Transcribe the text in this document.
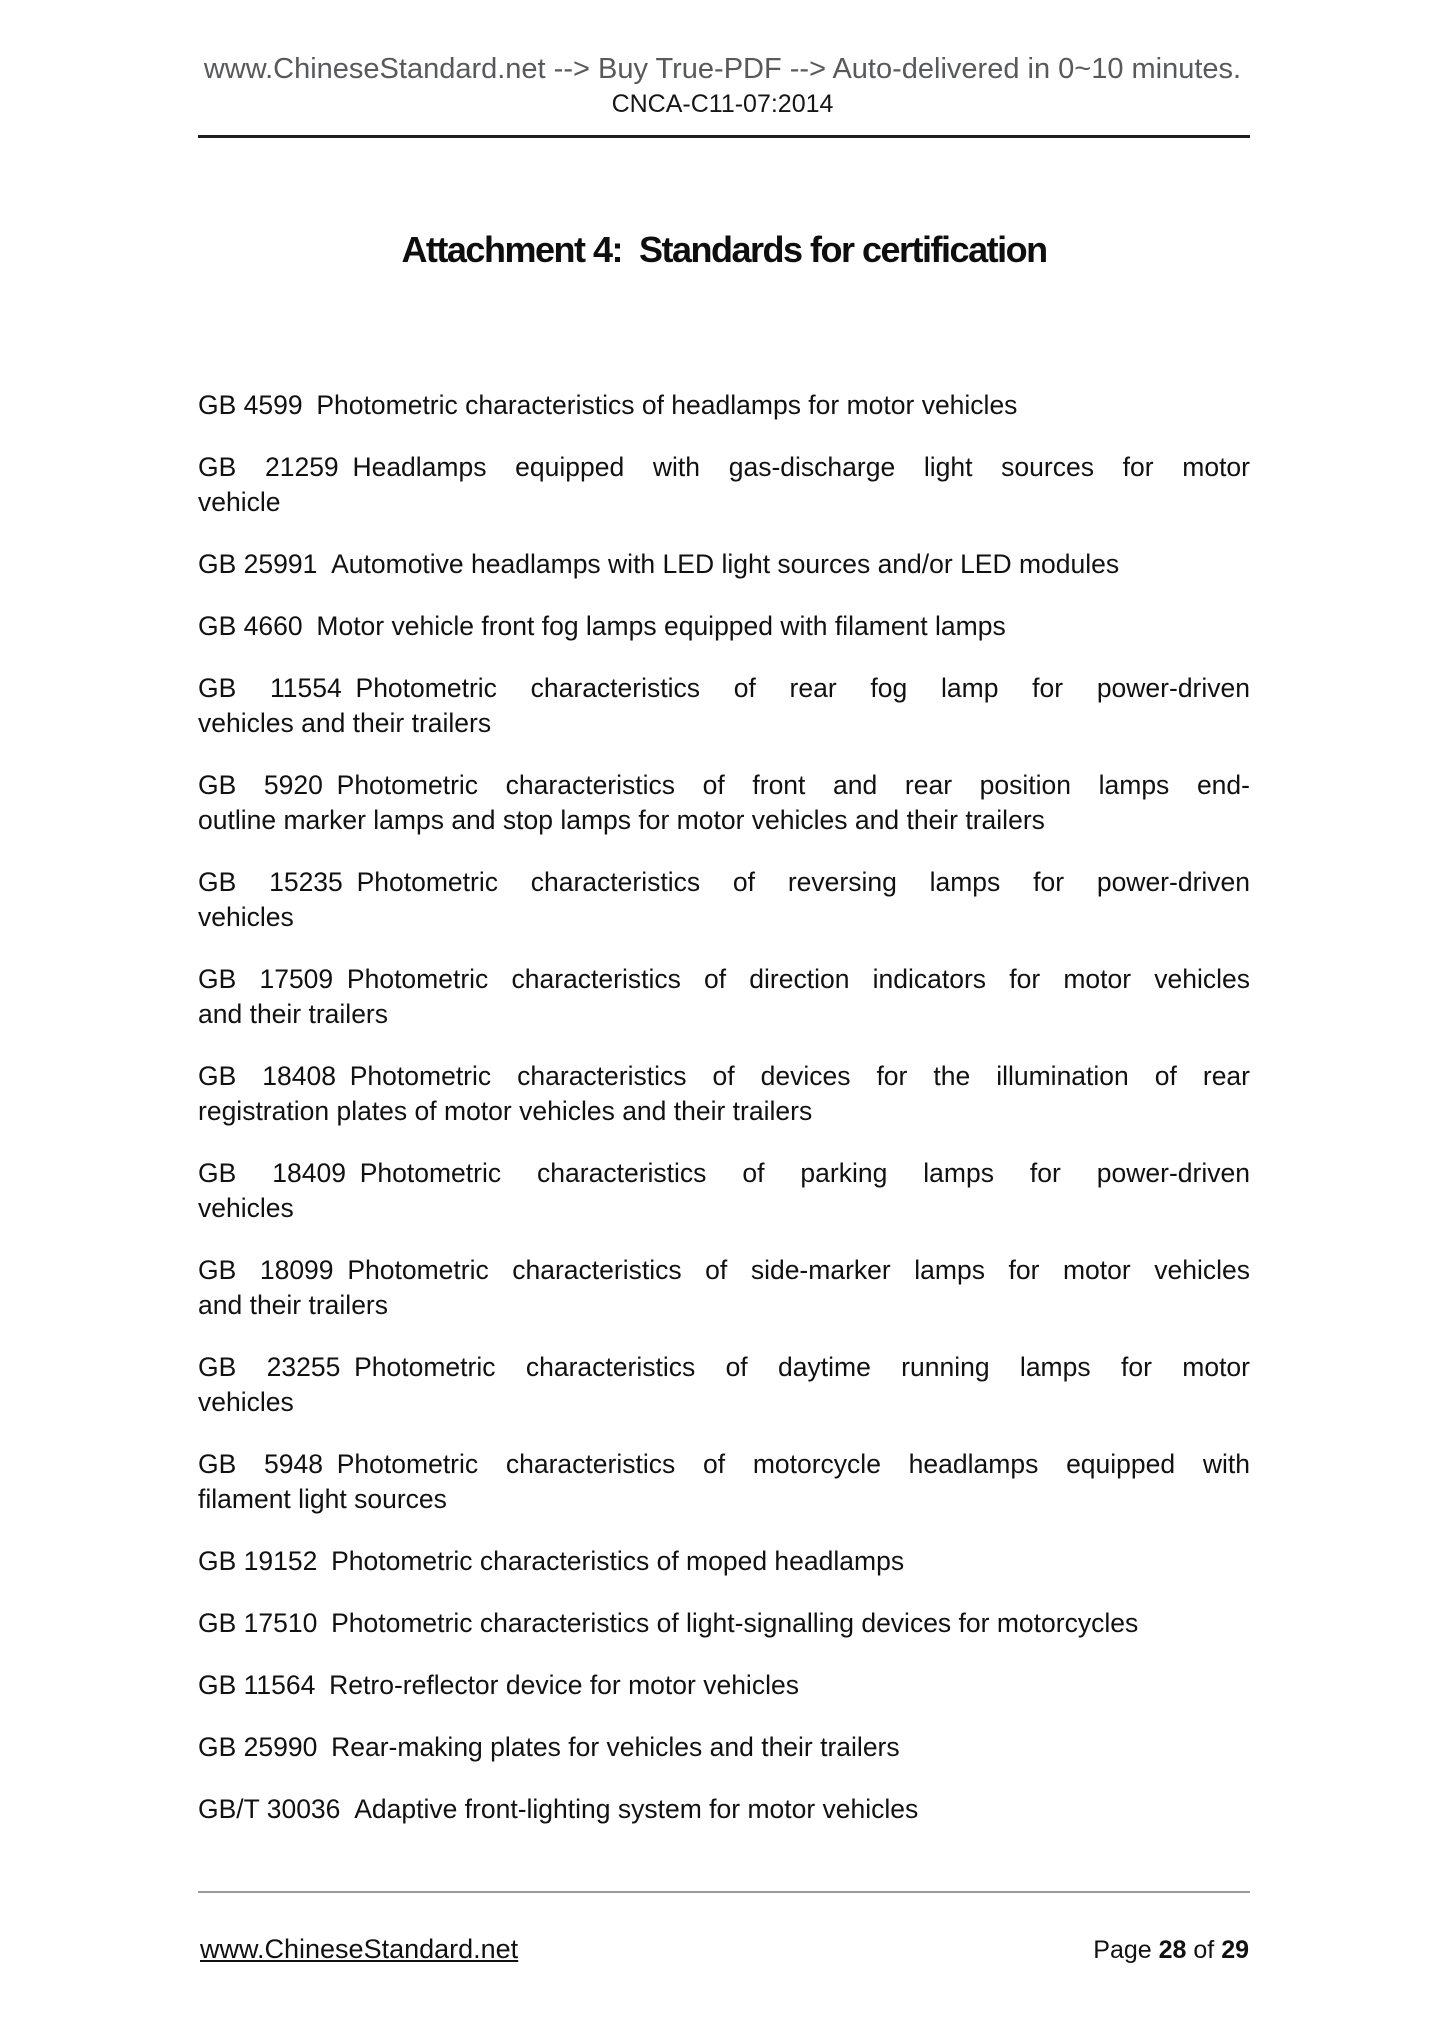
www.ChineseStandard.net --> Buy True-PDF --> Auto-delivered in 0~10 minutes.
CNCA-C11-07:2014
Attachment 4:  Standards for certification
GB 4599 Photometric characteristics of headlamps for motor vehicles
GB 21259 Headlamps equipped with gas-discharge light sources for motor
vehicle
GB 25991 Automotive headlamps with LED light sources and/or LED modules
GB 4660 Motor vehicle front fog lamps equipped with filament lamps
GB 11554 Photometric characteristics of rear fog lamp for power-driven
vehicles and their trailers
GB 5920 Photometric characteristics of front and rear position lamps end-
outline marker lamps and stop lamps for motor vehicles and their trailers
GB 15235 Photometric characteristics of reversing lamps for power-driven
vehicles
GB 17509 Photometric characteristics of direction indicators for motor vehicles
and their trailers
GB 18408 Photometric characteristics of devices for the illumination of rear
registration plates of motor vehicles and their trailers
GB 18409 Photometric characteristics of parking lamps for power-driven
vehicles
GB 18099 Photometric characteristics of side-marker lamps for motor vehicles
and their trailers
GB 23255 Photometric characteristics of daytime running lamps for motor
vehicles
GB 5948 Photometric characteristics of motorcycle headlamps equipped with
filament light sources
GB 19152 Photometric characteristics of moped headlamps
GB 17510 Photometric characteristics of light-signalling devices for motorcycles
GB 11564 Retro-reflector device for motor vehicles
GB 25990 Rear-making plates for vehicles and their trailers
GB/T 30036 Adaptive front-lighting system for motor vehicles
www.ChineseStandard.net	Page 28 of 29
